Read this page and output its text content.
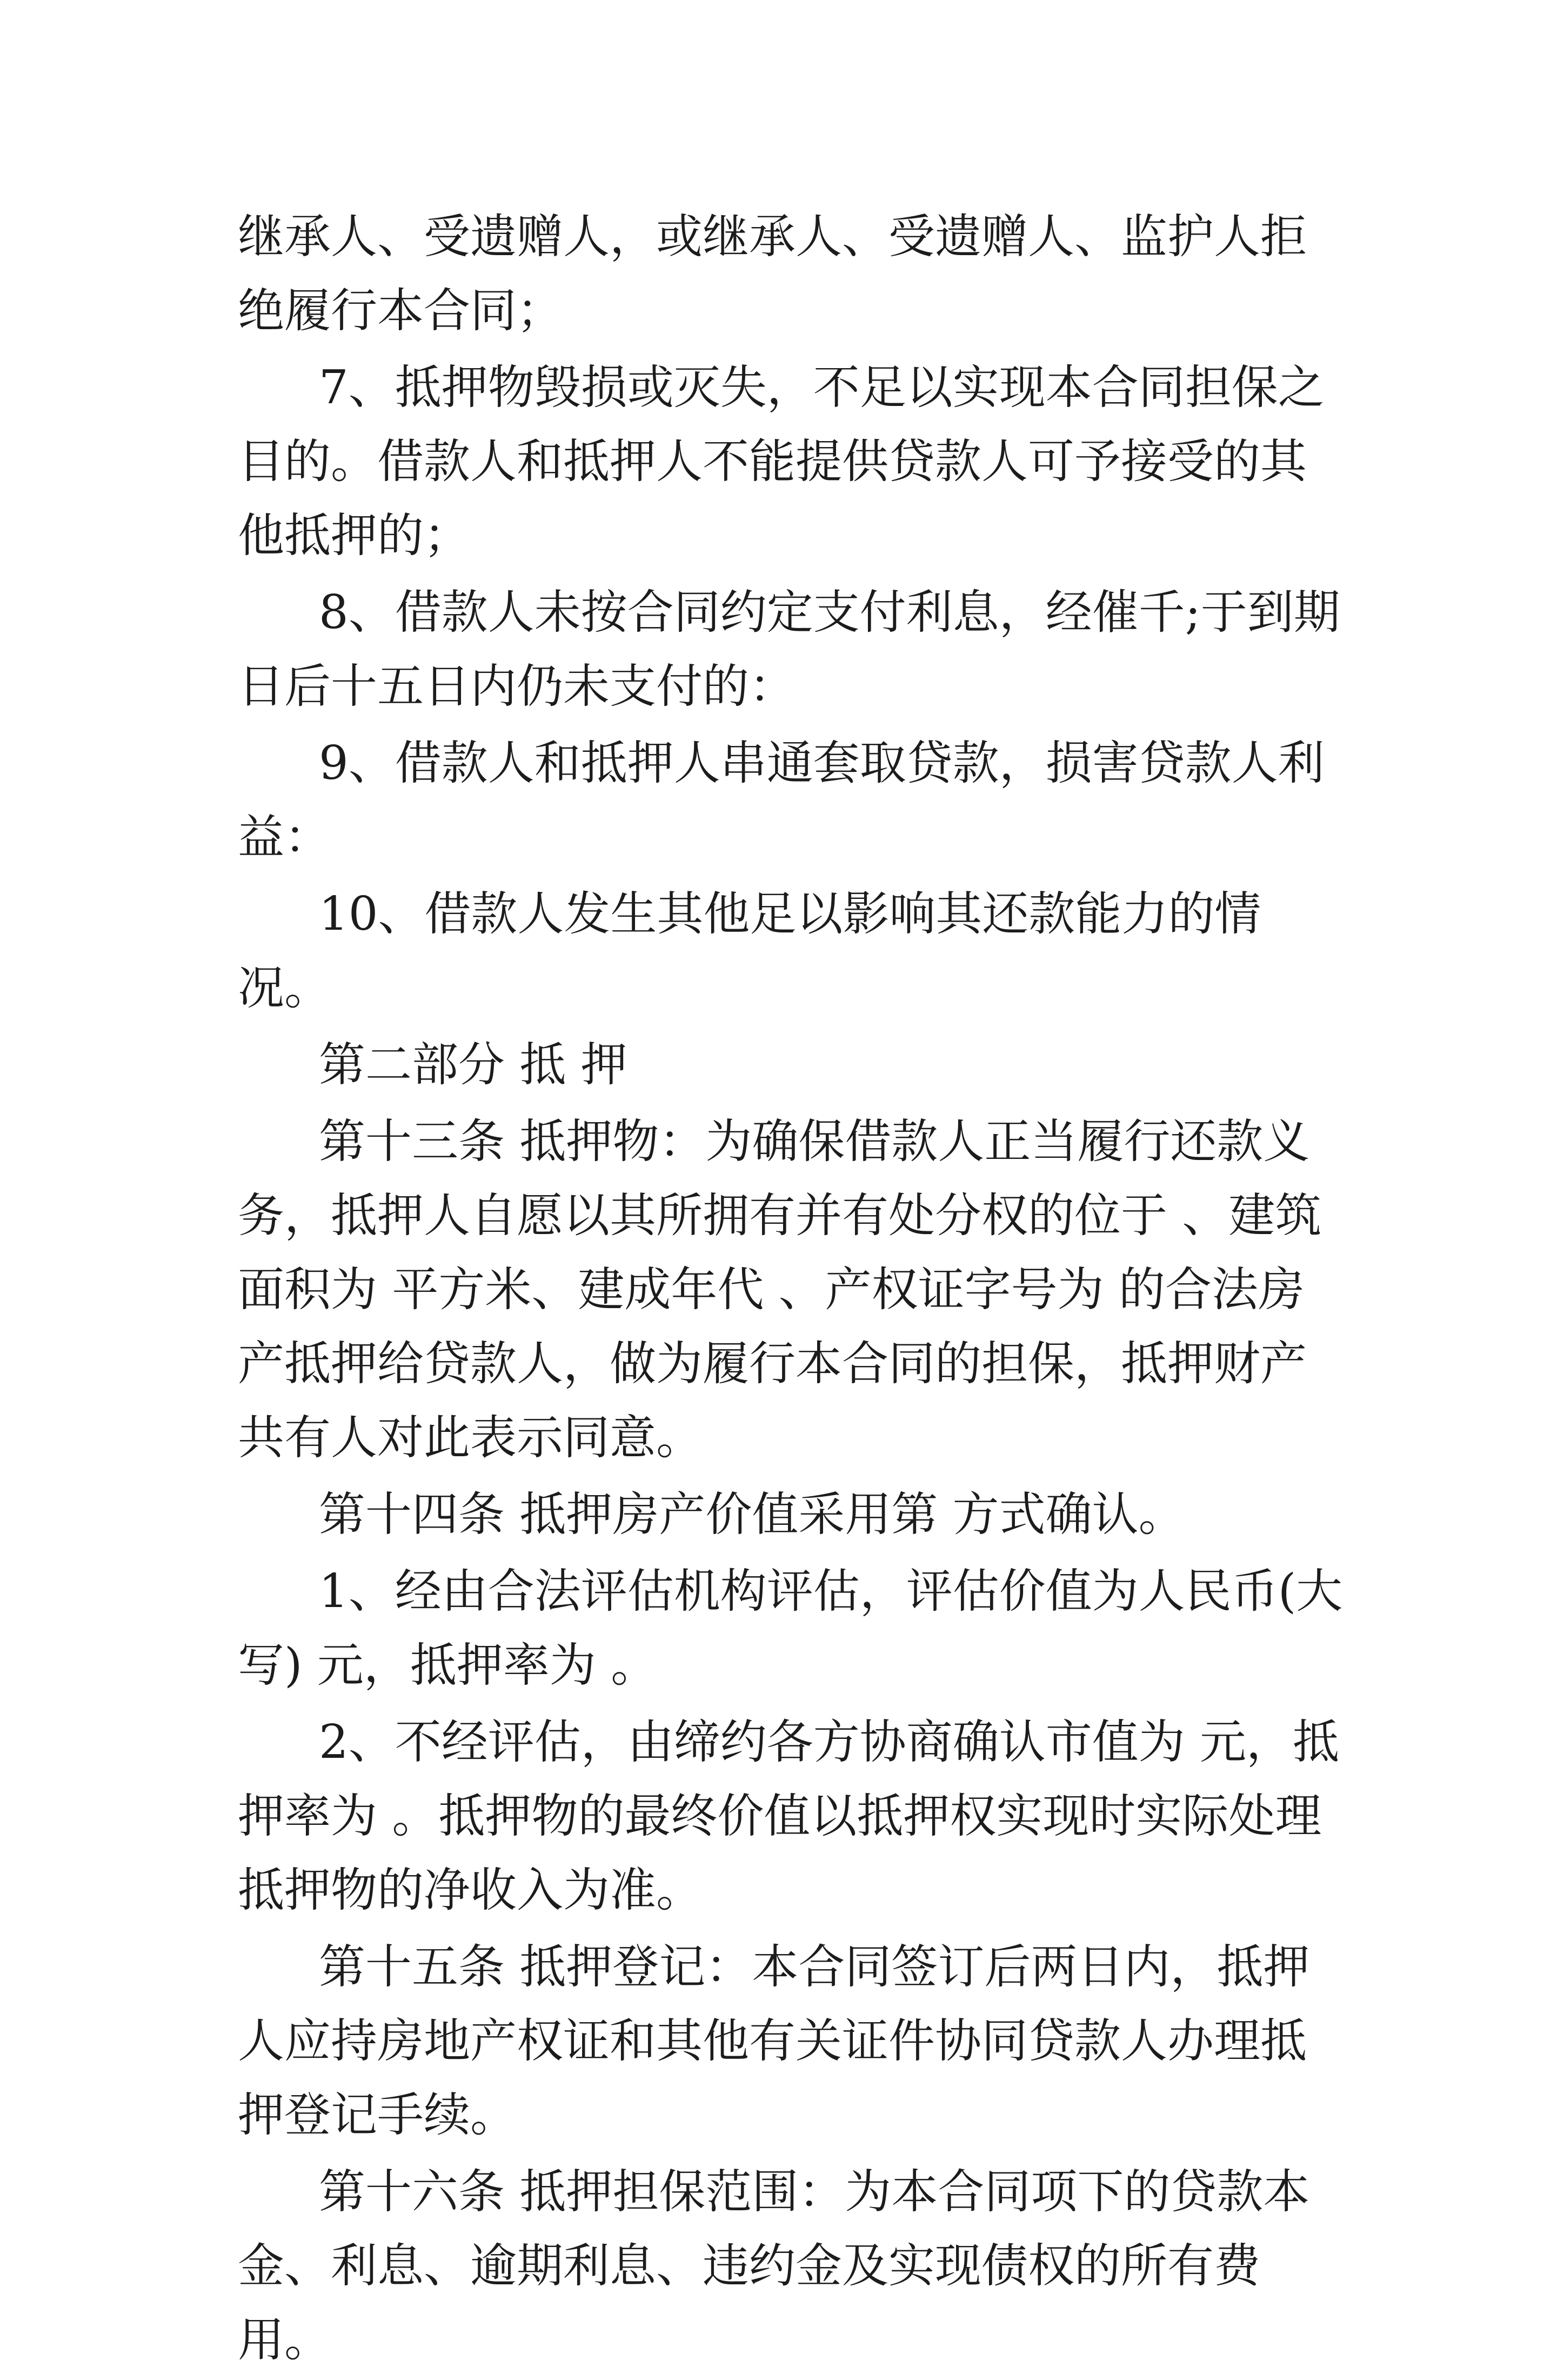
继承人、受遗赠人，或继承人、受遗赠人、监护人拒绝履行本合同；

7、抵押物毁损或灭失，不足以实现本合同担保之目的。借款人和抵押人不能提供贷款人可予接受的其他抵押的；

8、借款人未按合同约定支付利息，经催千;于到期日后十五日内仍未支付的：

9、借款人和抵押人串通套取贷款，损害贷款人利益：

10、借款人发生其他足以影响其还款能力的情况。

第二部分 抵 押

第十三条 抵押物：为确保借款人正当履行还款义务，抵押人自愿以其所拥有并有处分权的位于 、建筑面积为 平方米、建成年代 、产权证字号为 的合法房产抵押给贷款人，做为履行本合同的担保，抵押财产共有人对此表示同意。

第十四条 抵押房产价值采用第 方式确认。

1、经由合法评估机构评估，评估价值为人民币(大写) 元，抵押率为 。

2、不经评估，由缔约各方协商确认市值为 元，抵押率为 。抵押物的最终价值以抵押权实现时实际处理抵押物的净收入为准。

第十五条 抵押登记：本合同签订后两日内，抵押人应持房地产权证和其他有关证件协同贷款人办理抵押登记手续。

第十六条 抵押担保范围：为本合同项下的贷款本金、利息、逾期利息、违约金及实现债权的所有费用。
